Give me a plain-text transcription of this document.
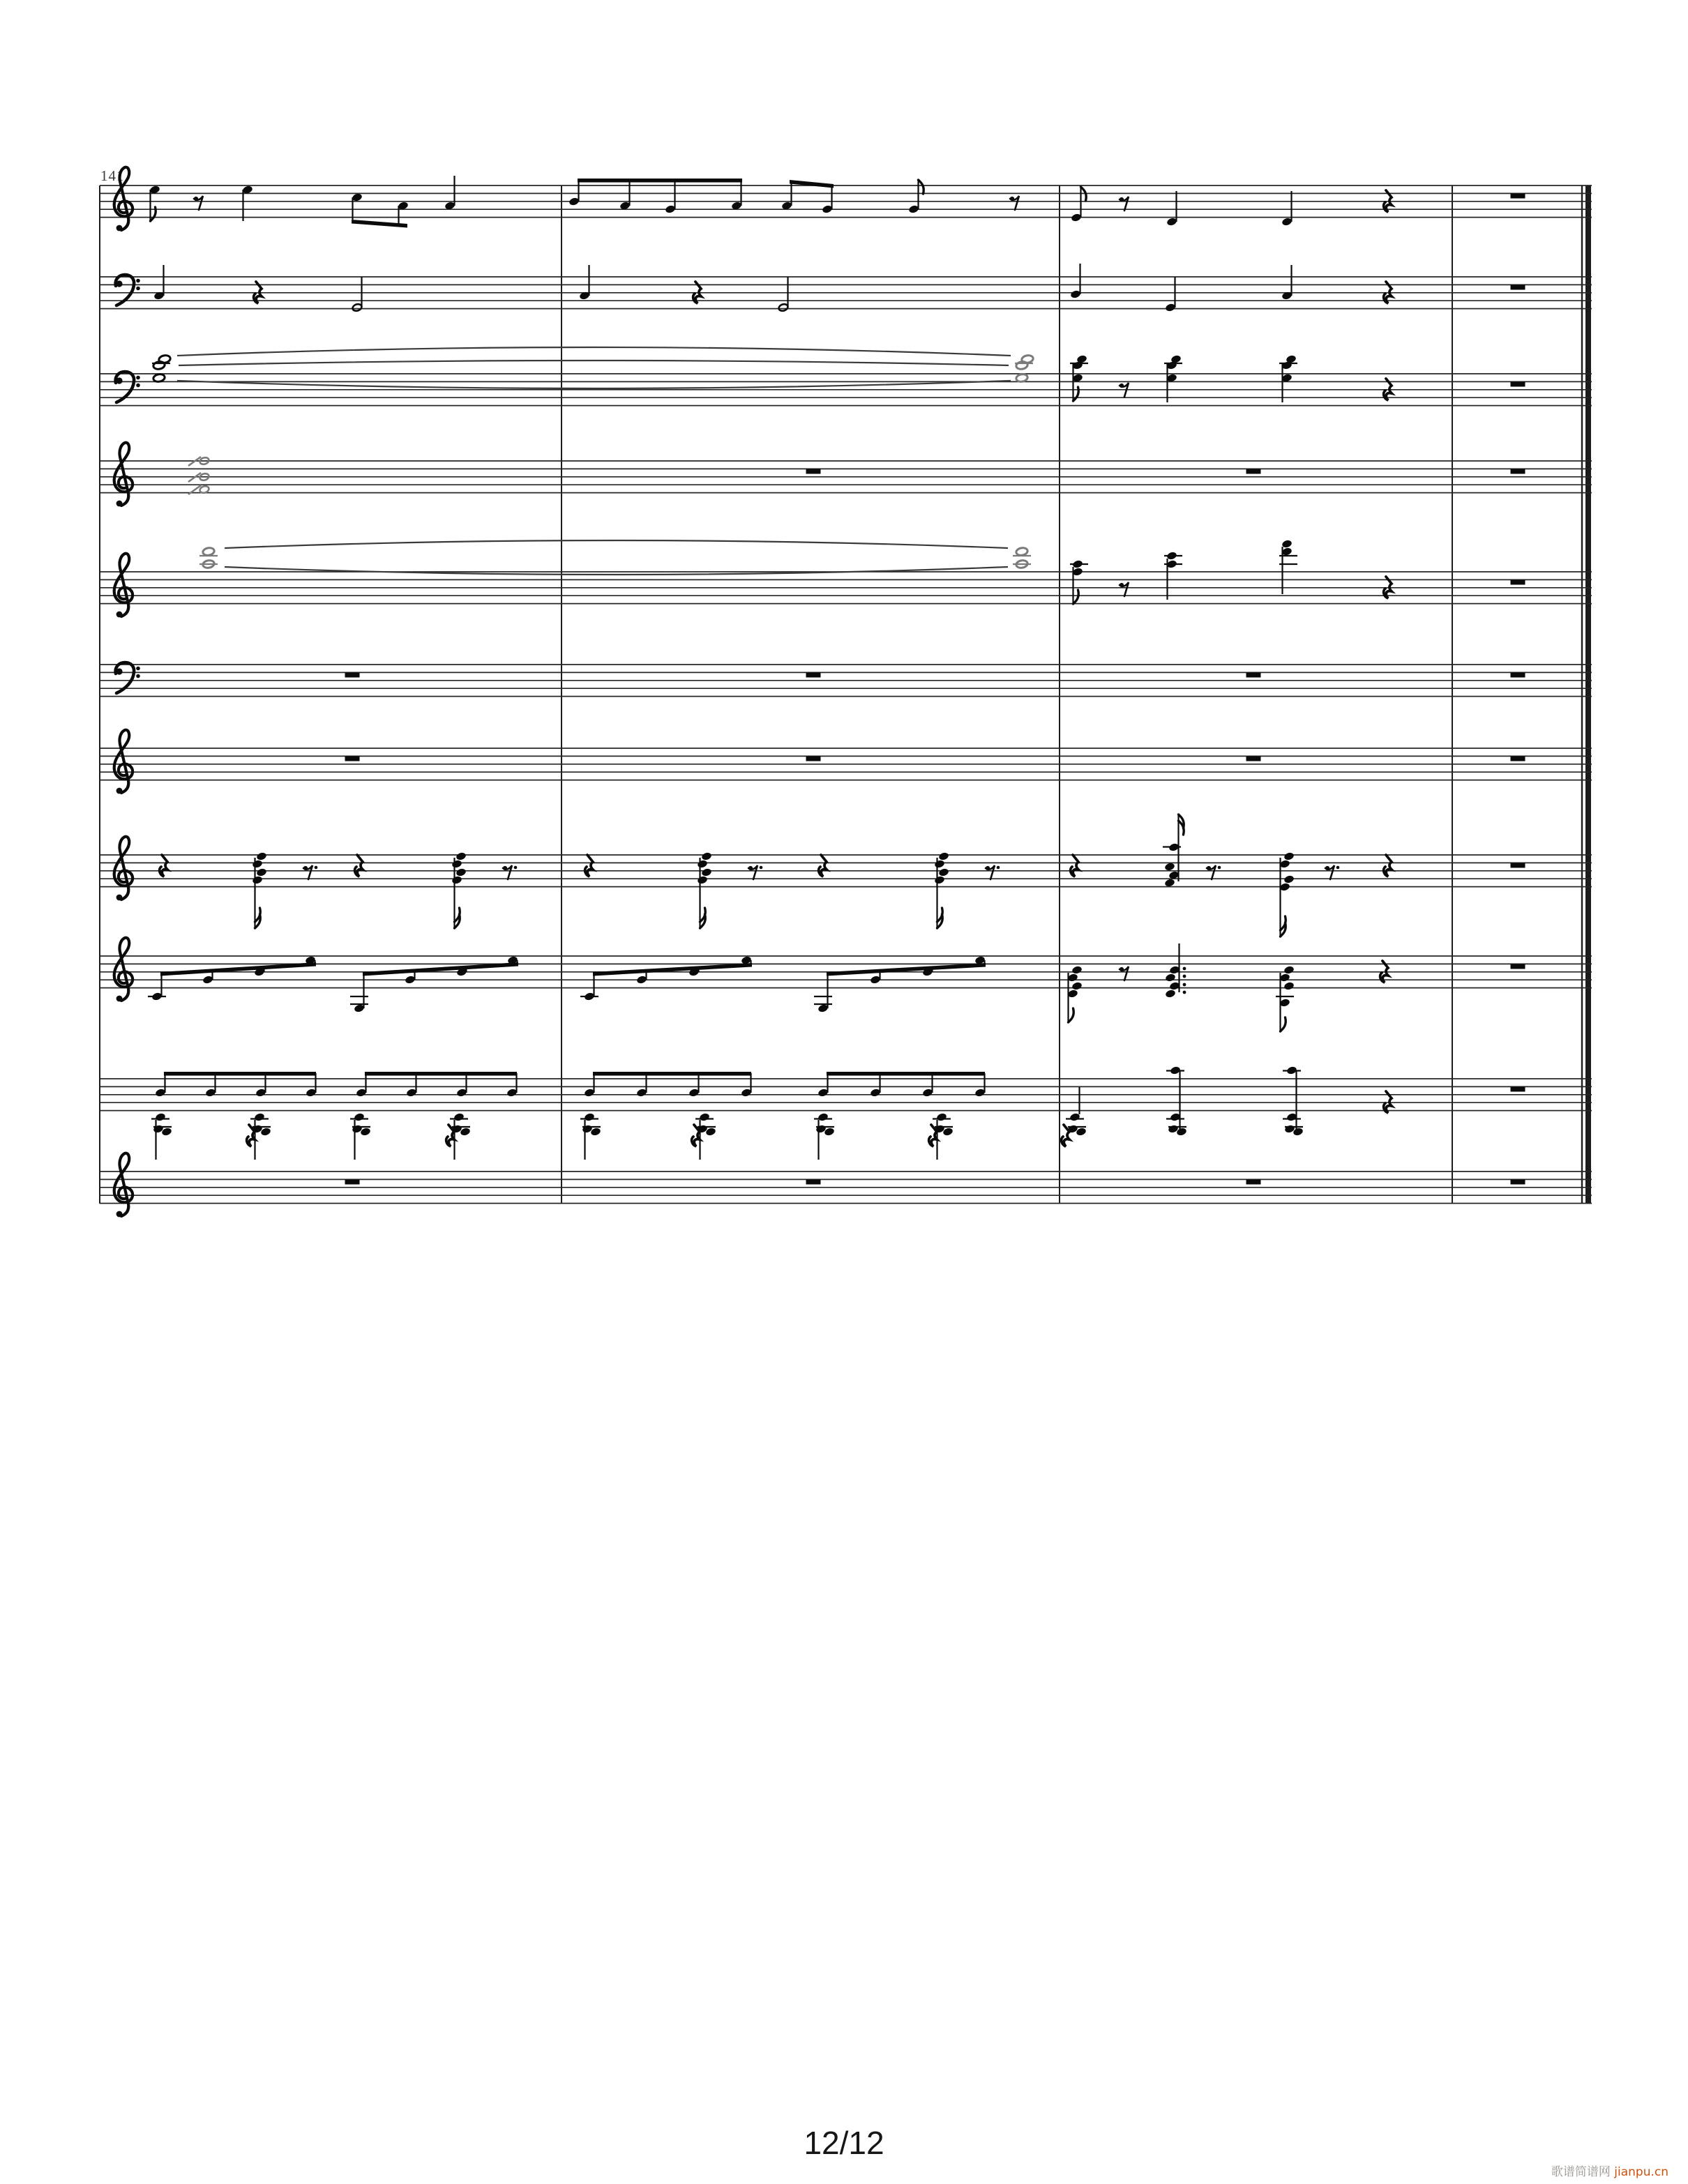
141
12/12
歌谱简谱网 jianpu.cn
